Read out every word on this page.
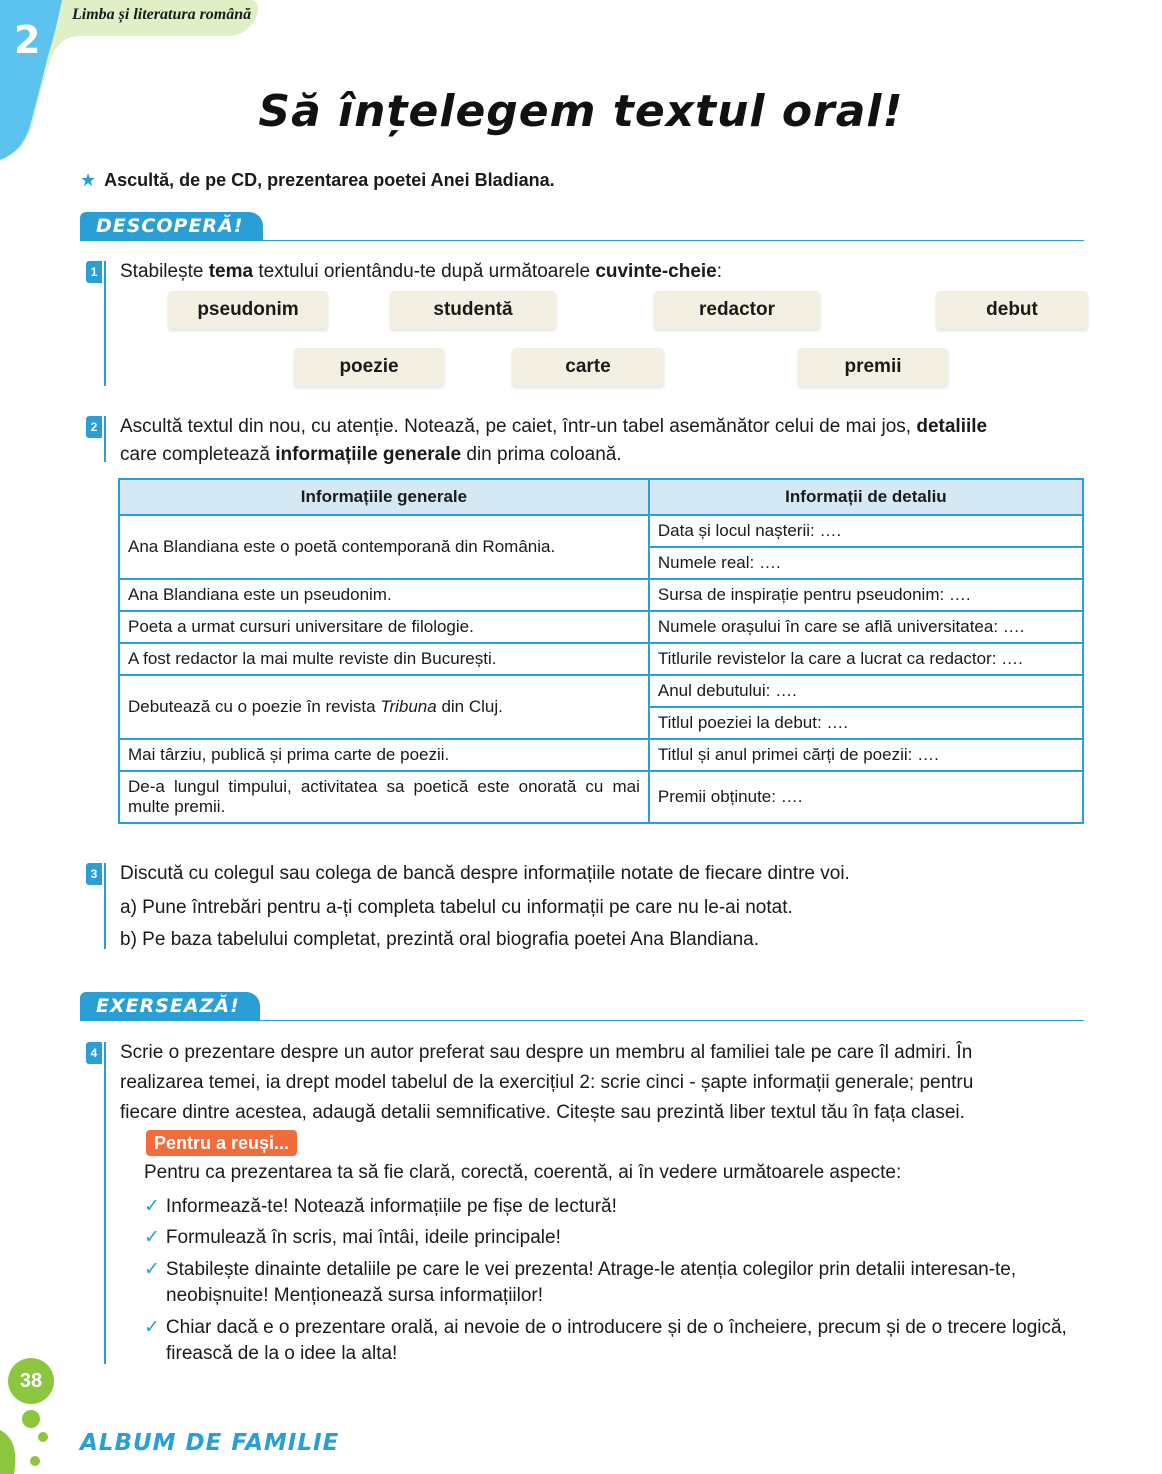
2
Limba și literatura română
Să înțelegem textul oral!
★ Ascultă, de pe CD, prezentarea poetei Anei Bladiana.
DESCOPERĂ!
1 Stabilește tema textului orientându-te după următoarele cuvinte-cheie:
pseudonim	studentă	redactor	debut
poezie	carte	premii
2 Ascultă textul din nou, cu atenție. Notează, pe caiet, într-un tabel asemănător celui de mai jos, detaliile
care completează informațiile generale din prima coloană.
Informațiile generale	Informații de detaliu
Ana Blandiana este o poetă contemporană din România.	Data și locul nașterii: ….
	Numele real: ….
Ana Blandiana este un pseudonim.	Sursa de inspirație pentru pseudonim: ….
Poeta a urmat cursuri universitare de filologie.	Numele orașului în care se află universitatea: ….
A fost redactor la mai multe reviste din București.	Titlurile revistelor la care a lucrat ca redactor: ….
Debutează cu o poezie în revista Tribuna din Cluj.	Anul debutului: ….
	Titlul poeziei la debut: ….
Mai târziu, publică și prima carte de poezii.	Titlul și anul primei cărți de poezii: ….
De-a lungul timpului, activitatea sa poetică este onorată cu mai multe premii.	Premii obținute: ….
3 Discută cu colegul sau colega de bancă despre informațiile notate de fiecare dintre voi.
a) Pune întrebări pentru a-ți completa tabelul cu informații pe care nu le-ai notat.
b) Pe baza tabelului completat, prezintă oral biografia poetei Ana Blandiana.
EXERSEAZĂ!
4 Scrie o prezentare despre un autor preferat sau despre un membru al familiei tale pe care îl admiri. În
realizarea temei, ia drept model tabelul de la exercițiul 2: scrie cinci - șapte informații generale; pentru
fiecare dintre acestea, adaugă detalii semnificative. Citește sau prezintă liber textul tău în fața clasei.
Pentru a reuși...
Pentru ca prezentarea ta să fie clară, corectă, coerentă, ai în vedere următoarele aspecte:
✓ Informează-te! Notează informațiile pe fișe de lectură!
✓ Formulează în scris, mai întâi, ideile principale!
✓ Stabilește dinainte detaliile pe care le vei prezenta! Atrage-le atenția colegilor prin detalii interesan-te, neobișnuite! Menționează sursa informațiilor!
✓ Chiar dacă e o prezentare orală, ai nevoie de o introducere și de o încheiere, precum și de o trecere logică, firească de la o idee la alta!
38
ALBUM DE FAMILIE
